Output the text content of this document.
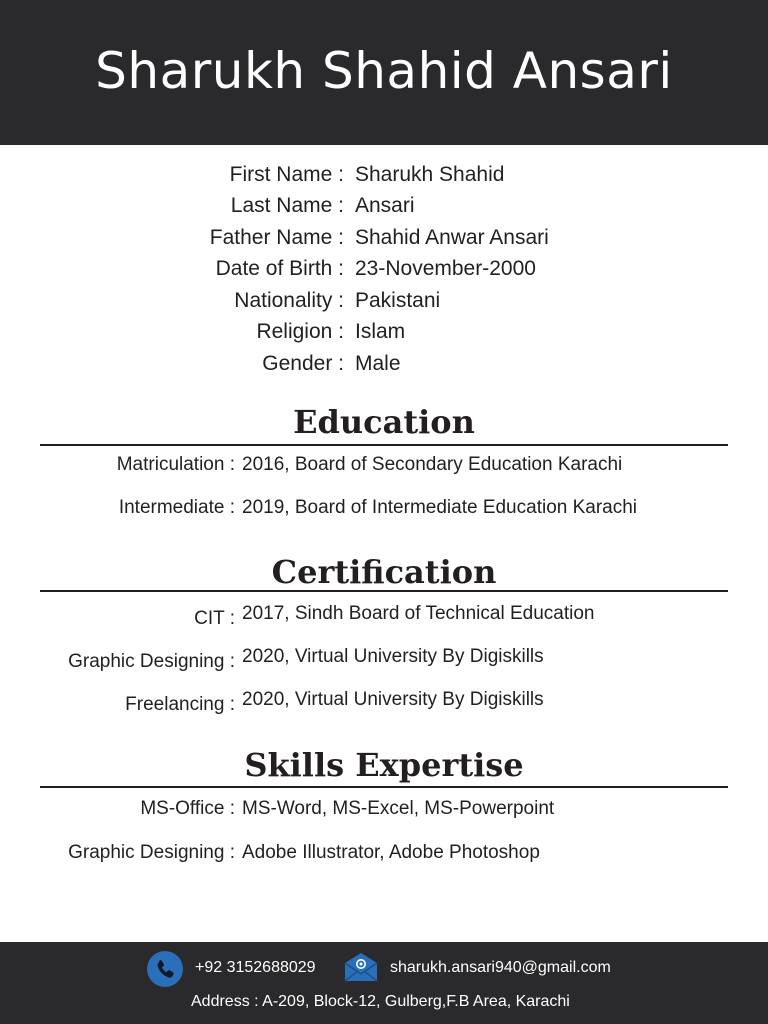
Sharukh Shahid Ansari
First Name : Sharukh Shahid
Last Name : Ansari
Father Name : Shahid Anwar Ansari
Date of Birth : 23-November-2000
Nationality : Pakistani
Religion : Islam
Gender : Male
Education
Matriculation : 2016, Board of Secondary Education Karachi
Intermediate : 2019, Board of Intermediate Education Karachi
Certification
CIT : 2017, Sindh Board of Technical Education
Graphic Designing : 2020, Virtual University By Digiskills
Freelancing : 2020, Virtual University By Digiskills
Skills Expertise
MS-Office : MS-Word, MS-Excel, MS-Powerpoint
Graphic Designing : Adobe Illustrator, Adobe Photoshop
+92 3152688029	sharukh.ansari940@gmail.com
Address : A-209, Block-12, Gulberg,F.B Area, Karachi
